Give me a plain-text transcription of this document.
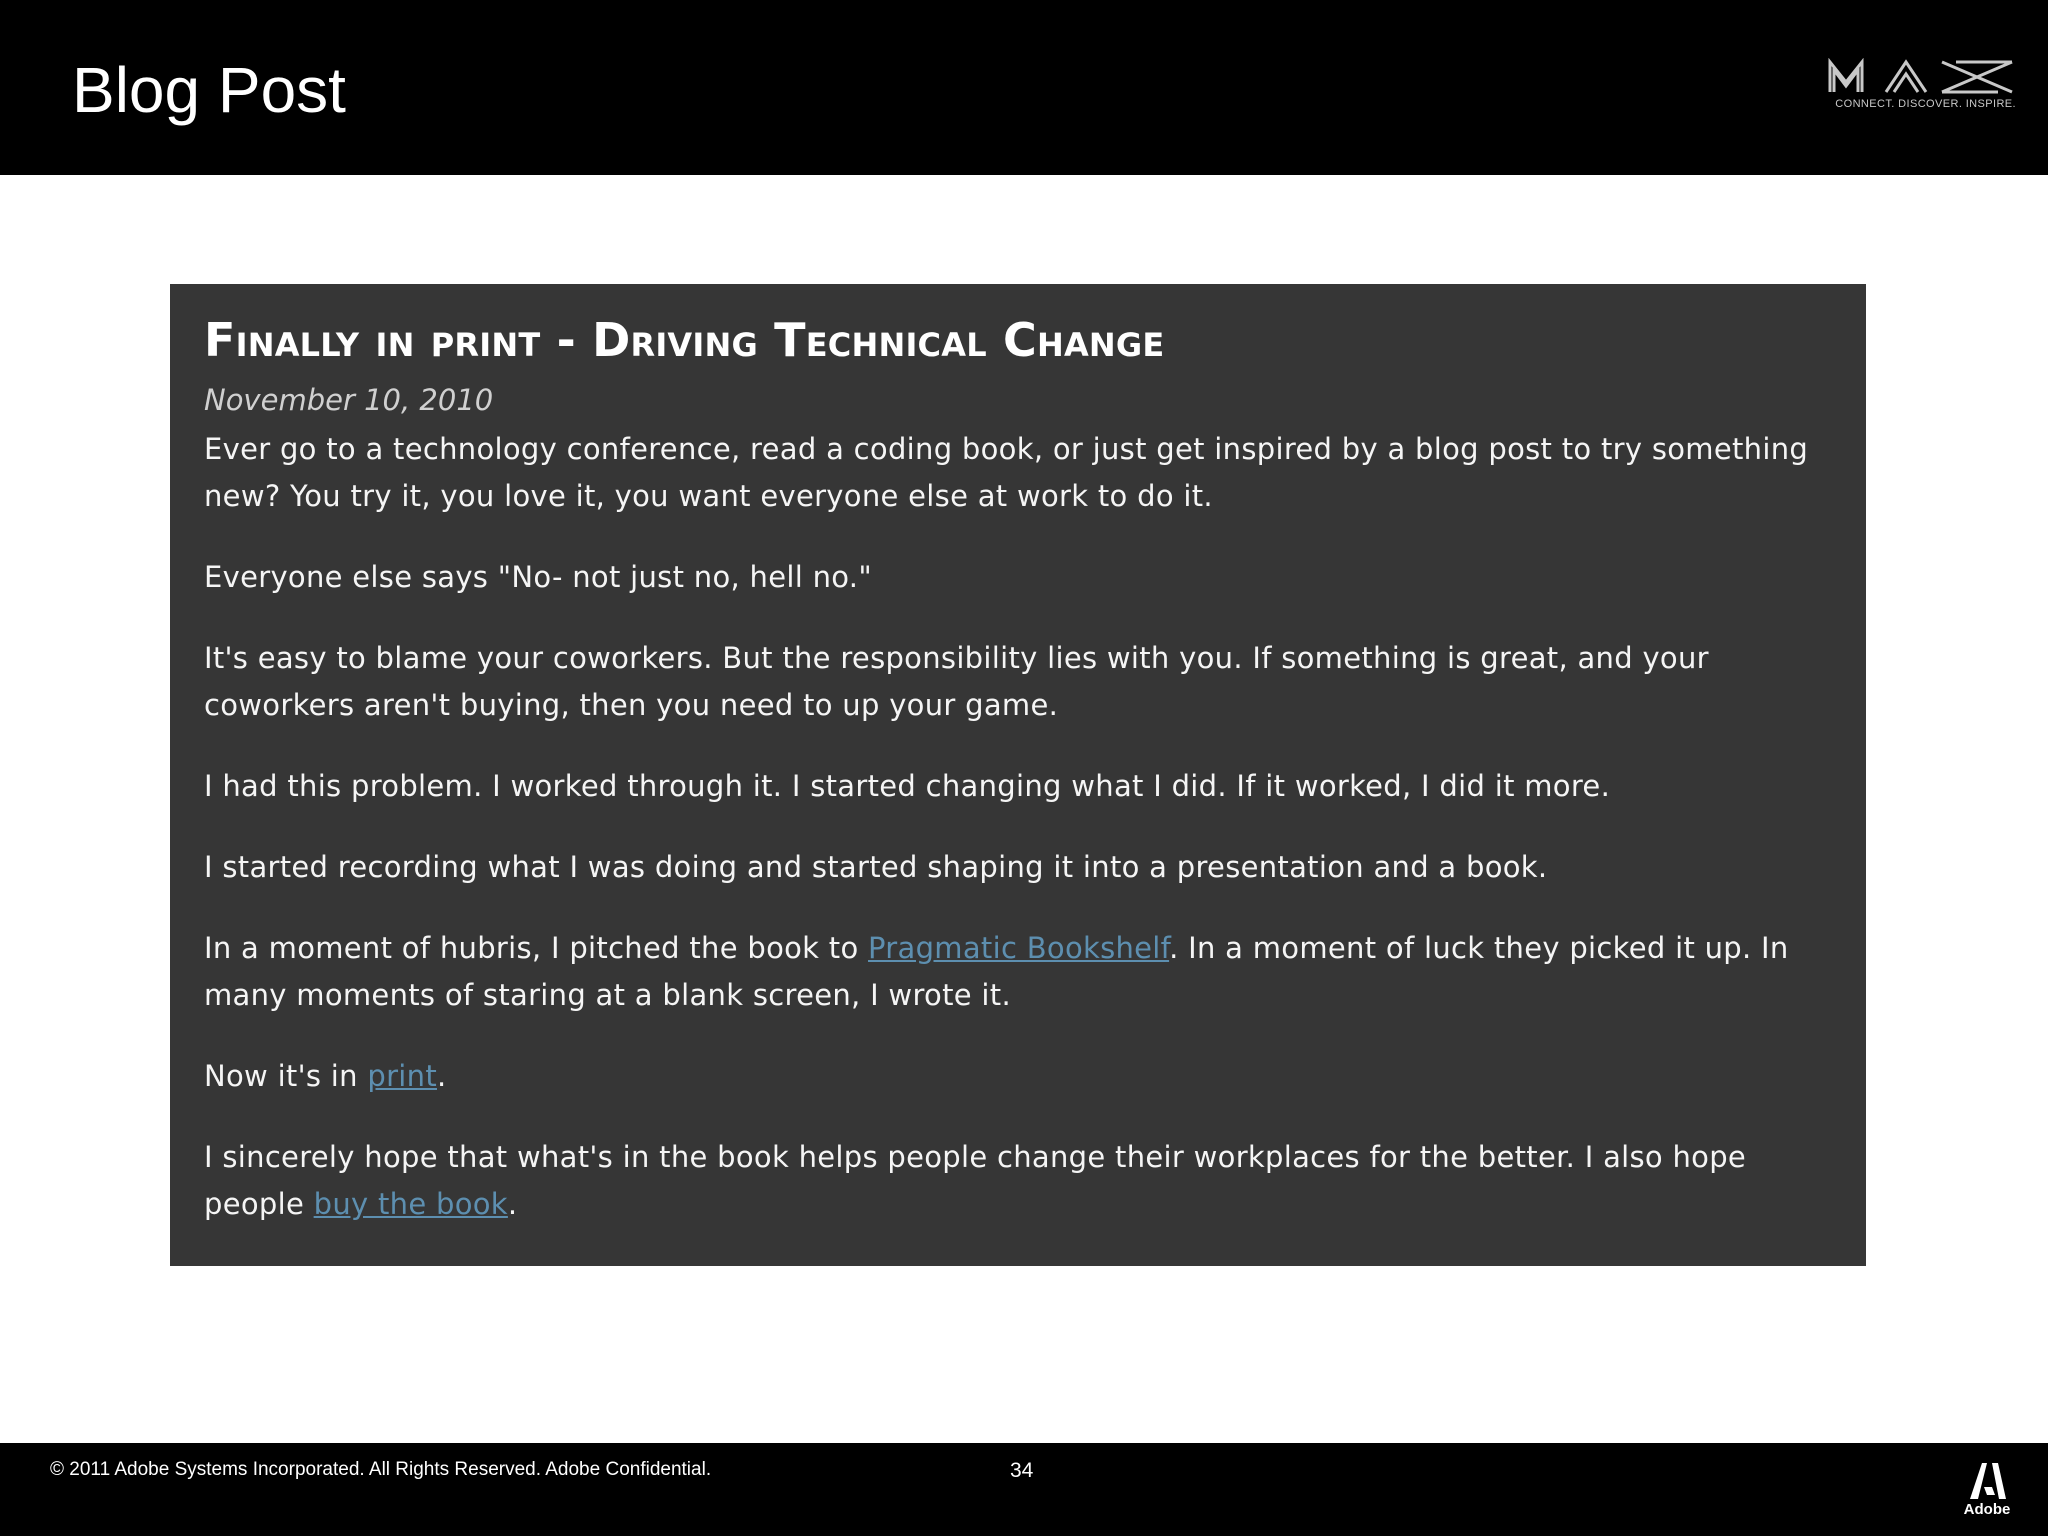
Blog Post	CONNECT. DISCOVER. INSPIRE.
Finally in print - Driving Technical Change
November 10, 2010

Ever go to a technology conference, read a coding book, or just get inspired by a blog post to try something new? You try it, you love it, you want everyone else at work to do it.

Everyone else says "No- not just no, hell no."

It's easy to blame your coworkers. But the responsibility lies with you. If something is great, and your coworkers aren't buying, then you need to up your game.

I had this problem. I worked through it. I started changing what I did. If it worked, I did it more.

I started recording what I was doing and started shaping it into a presentation and a book.

In a moment of hubris, I pitched the book to Pragmatic Bookshelf. In a moment of luck they picked it up. In many moments of staring at a blank screen, I wrote it.

Now it's in print.

I sincerely hope that what's in the book helps people change their workplaces for the better. I also hope people buy the book.

© 2011 Adobe Systems Incorporated. All Rights Reserved. Adobe Confidential.	34
Adobe
